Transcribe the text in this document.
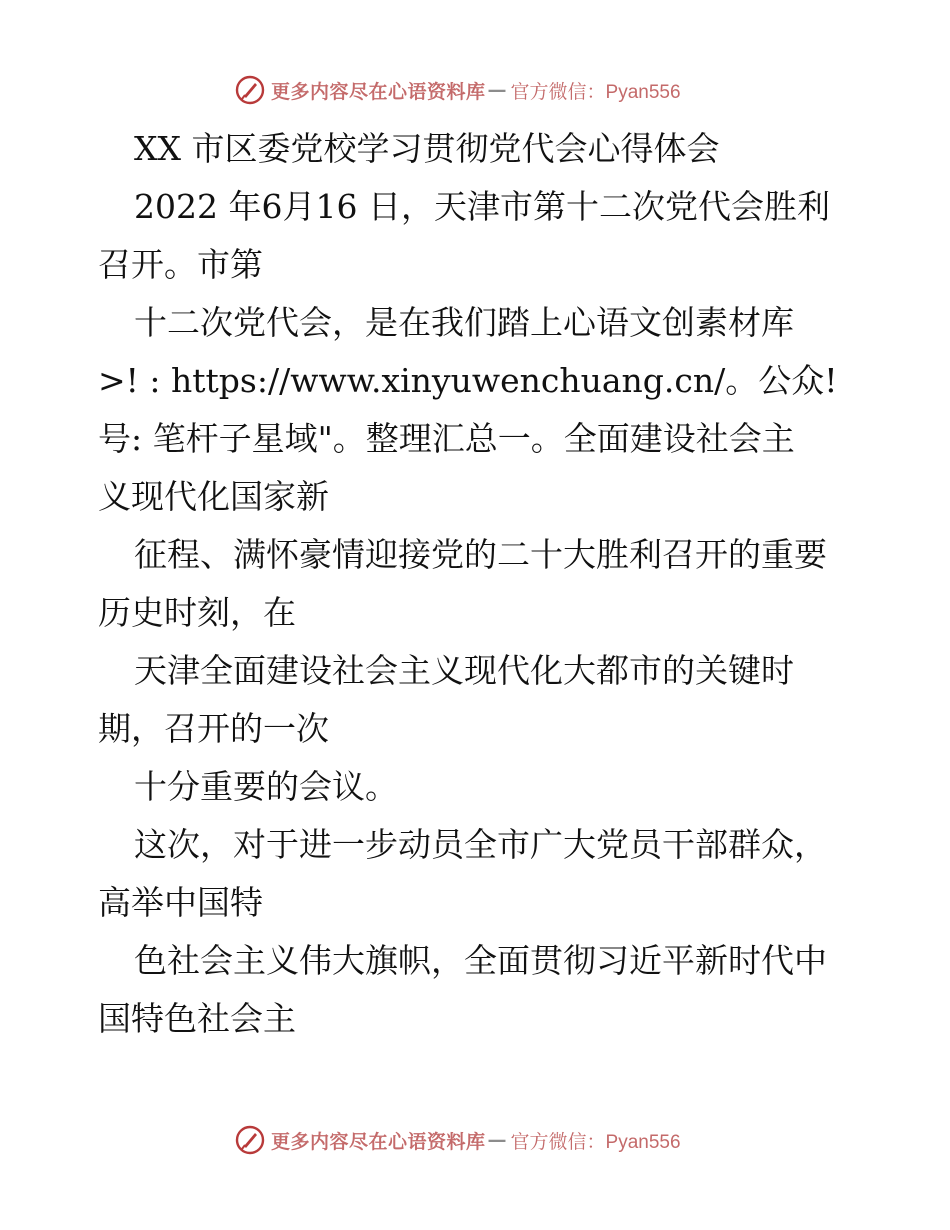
更多内容尽在心语资料库 — 官方微信：Pyan556
XX 市区委党校学习贯彻党代会心得体会
2022 年6月16 日，天津市第十二次党代会胜利
召开。市第
十二次党代会，是在我们踏上心语文创素材库
>! : https://www.xinyuwenchuang.cn/。公众!
号: 笔杆子星域"。整理汇总一。全面建设社会主
义现代化国家新
征程、满怀豪情迎接党的二十大胜利召开的重要
历史时刻，在
天津全面建设社会主义现代化大都市的关键时
期，召开的一次
十分重要的会议。
这次，对于进一步动员全市广大党员干部群众，
高举中国特
色社会主义伟大旗帜，全面贯彻习近平新时代中
国特色社会主
更多内容尽在心语资料库 — 官方微信：Pyan556
